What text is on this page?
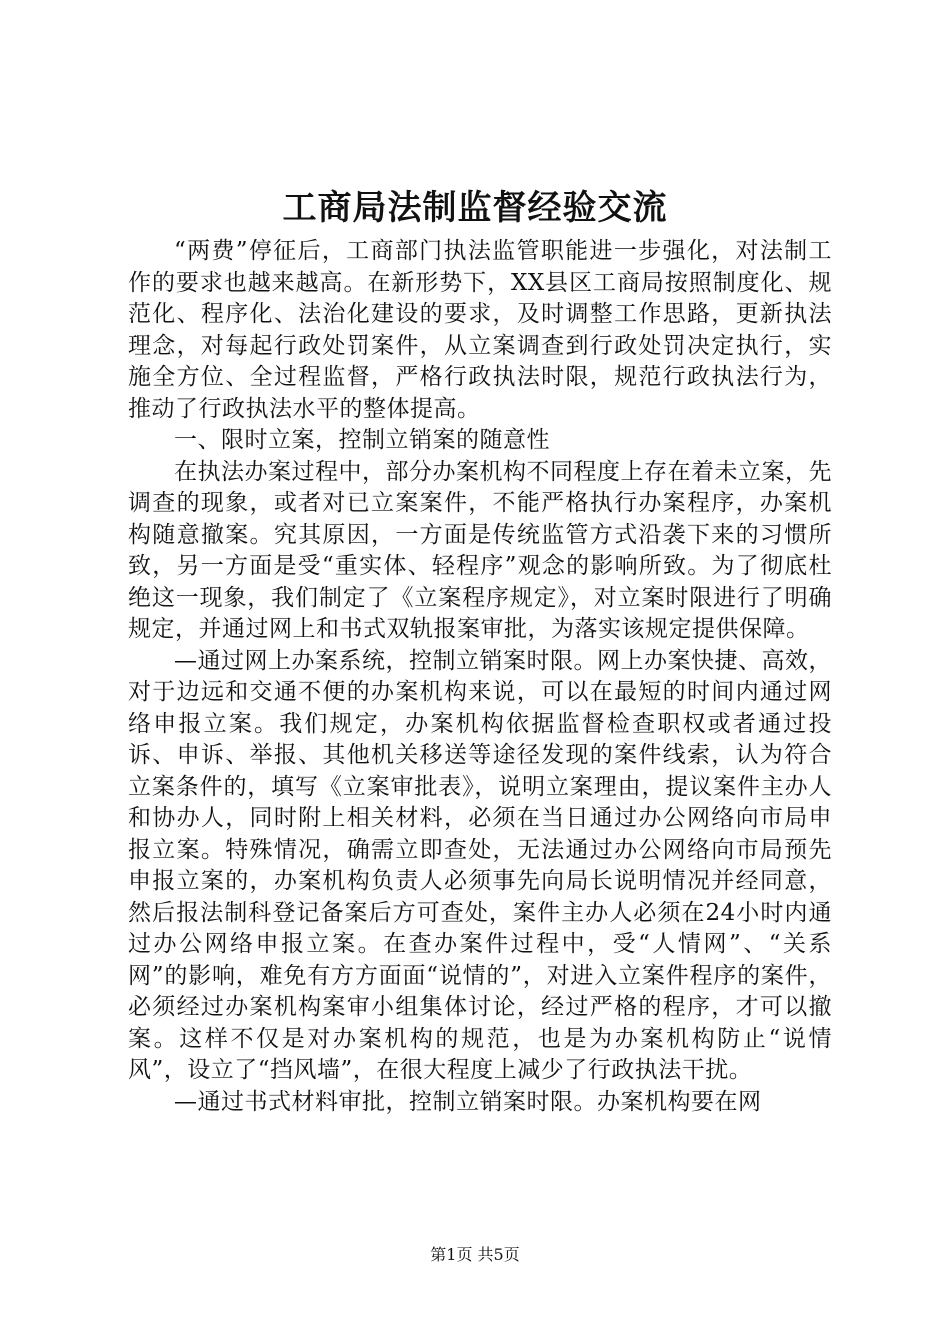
工商局法制监督经验交流

“两费”停征后，工商部门执法监管职能进一步强化，对法制工作的要求也越来越高。在新形势下，XX县区工商局按照制度化、规范化、程序化、法治化建设的要求，及时调整工作思路，更新执法理念，对每起行政处罚案件，从立案调查到行政处罚决定执行，实施全方位、全过程监督，严格行政执法时限，规范行政执法行为，推动了行政执法水平的整体提高。

一、限时立案，控制立销案的随意性

在执法办案过程中，部分办案机构不同程度上存在着未立案，先调查的现象，或者对已立案案件，不能严格执行办案程序，办案机构随意撤案。究其原因，一方面是传统监管方式沿袭下来的习惯所致，另一方面是受“重实体、轻程序”观念的影响所致。为了彻底杜绝这一现象，我们制定了《立案程序规定》，对立案时限进行了明确规定，并通过网上和书式双轨报案审批，为落实该规定提供保障。

—通过网上办案系统，控制立销案时限。网上办案快捷、高效，对于边远和交通不便的办案机构来说，可以在最短的时间内通过网络申报立案。我们规定，办案机构依据监督检查职权或者通过投诉、申诉、举报、其他机关移送等途径发现的案件线索，认为符合立案条件的，填写《立案审批表》，说明立案理由，提议案件主办人和协办人，同时附上相关材料，必须在当日通过办公网络向市局申报立案。特殊情况，确需立即查处，无法通过办公网络向市局预先申报立案的，办案机构负责人必须事先向局长说明情况并经同意，然后报法制科登记备案后方可查处，案件主办人必须在24小时内通过办公网络申报立案。在查办案件过程中，受“人情网”、“关系网”的影响，难免有方方面面“说情的”，对进入立案件程序的案件，必须经过办案机构案审小组集体讨论，经过严格的程序，才可以撤案。这样不仅是对办案机构的规范，也是为办案机构防止“说情风”，设立了“挡风墙”，在很大程度上减少了行政执法干扰。

—通过书式材料审批，控制立销案时限。办案机构要在网

第1页 共5页
